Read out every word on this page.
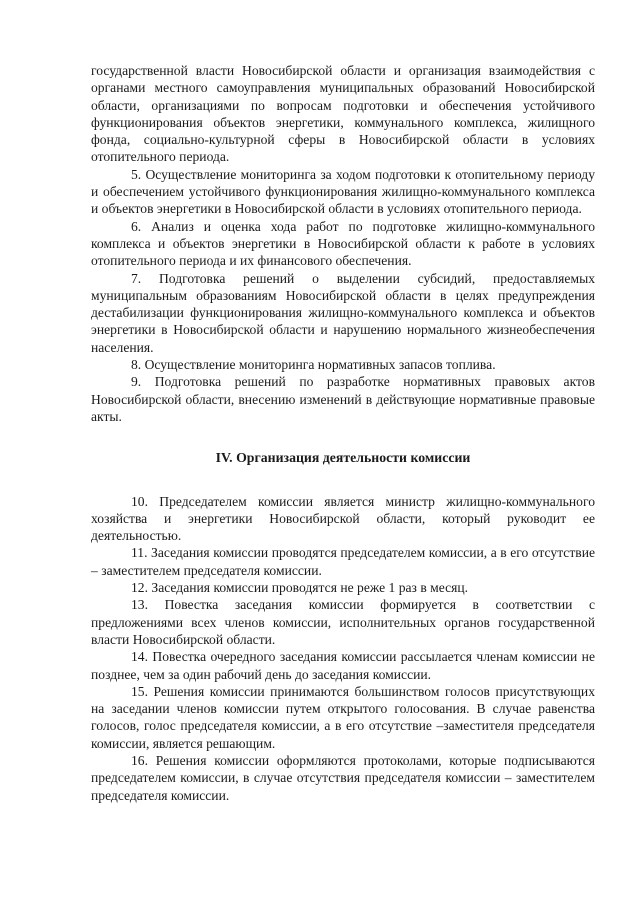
государственной власти Новосибирской области и организация взаимодействия с органами местного самоуправления муниципальных образований Новосибирской области, организациями по вопросам подготовки и обеспечения устойчивого функционирования объектов энергетики, коммунального комплекса, жилищного фонда, социально-культурной сферы в Новосибирской области в условиях отопительного периода.

5. Осуществление мониторинга за ходом подготовки к отопительному периоду и обеспечением устойчивого функционирования жилищно-коммунального комплекса и объектов энергетики в Новосибирской области в условиях отопительного периода.

6. Анализ и оценка хода работ по подготовке жилищно-коммунального комплекса и объектов энергетики в Новосибирской области к работе в условиях отопительного периода и их финансового обеспечения.

7. Подготовка решений о выделении субсидий, предоставляемых муниципальным образованиям Новосибирской области в целях предупреждения дестабилизации функционирования жилищно-коммунального комплекса и объектов энергетики в Новосибирской области и нарушению нормального жизнеобеспечения населения.

8. Осуществление мониторинга нормативных запасов топлива.

9. Подготовка решений по разработке нормативных правовых актов Новосибирской области, внесению изменений в действующие нормативные правовые акты.

IV. Организация деятельности комиссии

10. Председателем комиссии является министр жилищно-коммунального хозяйства и энергетики Новосибирской области, который руководит ее деятельностью.

11. Заседания комиссии проводятся председателем комиссии, а в его отсутствие – заместителем председателя комиссии.

12. Заседания комиссии проводятся не реже 1 раз в месяц.

13. Повестка заседания комиссии формируется в соответствии с предложениями всех членов комиссии, исполнительных органов государственной власти Новосибирской области.

14. Повестка очередного заседания комиссии рассылается членам комиссии не позднее, чем за один рабочий день до заседания комиссии.

15. Решения комиссии принимаются большинством голосов присутствующих на заседании членов комиссии путем открытого голосования. В случае равенства голосов, голос председателя комиссии, а в его отсутствие –заместителя председателя комиссии, является решающим.

16. Решения комиссии оформляются протоколами, которые подписываются председателем комиссии, в случае отсутствия председателя комиссии – заместителем председателя комиссии.
